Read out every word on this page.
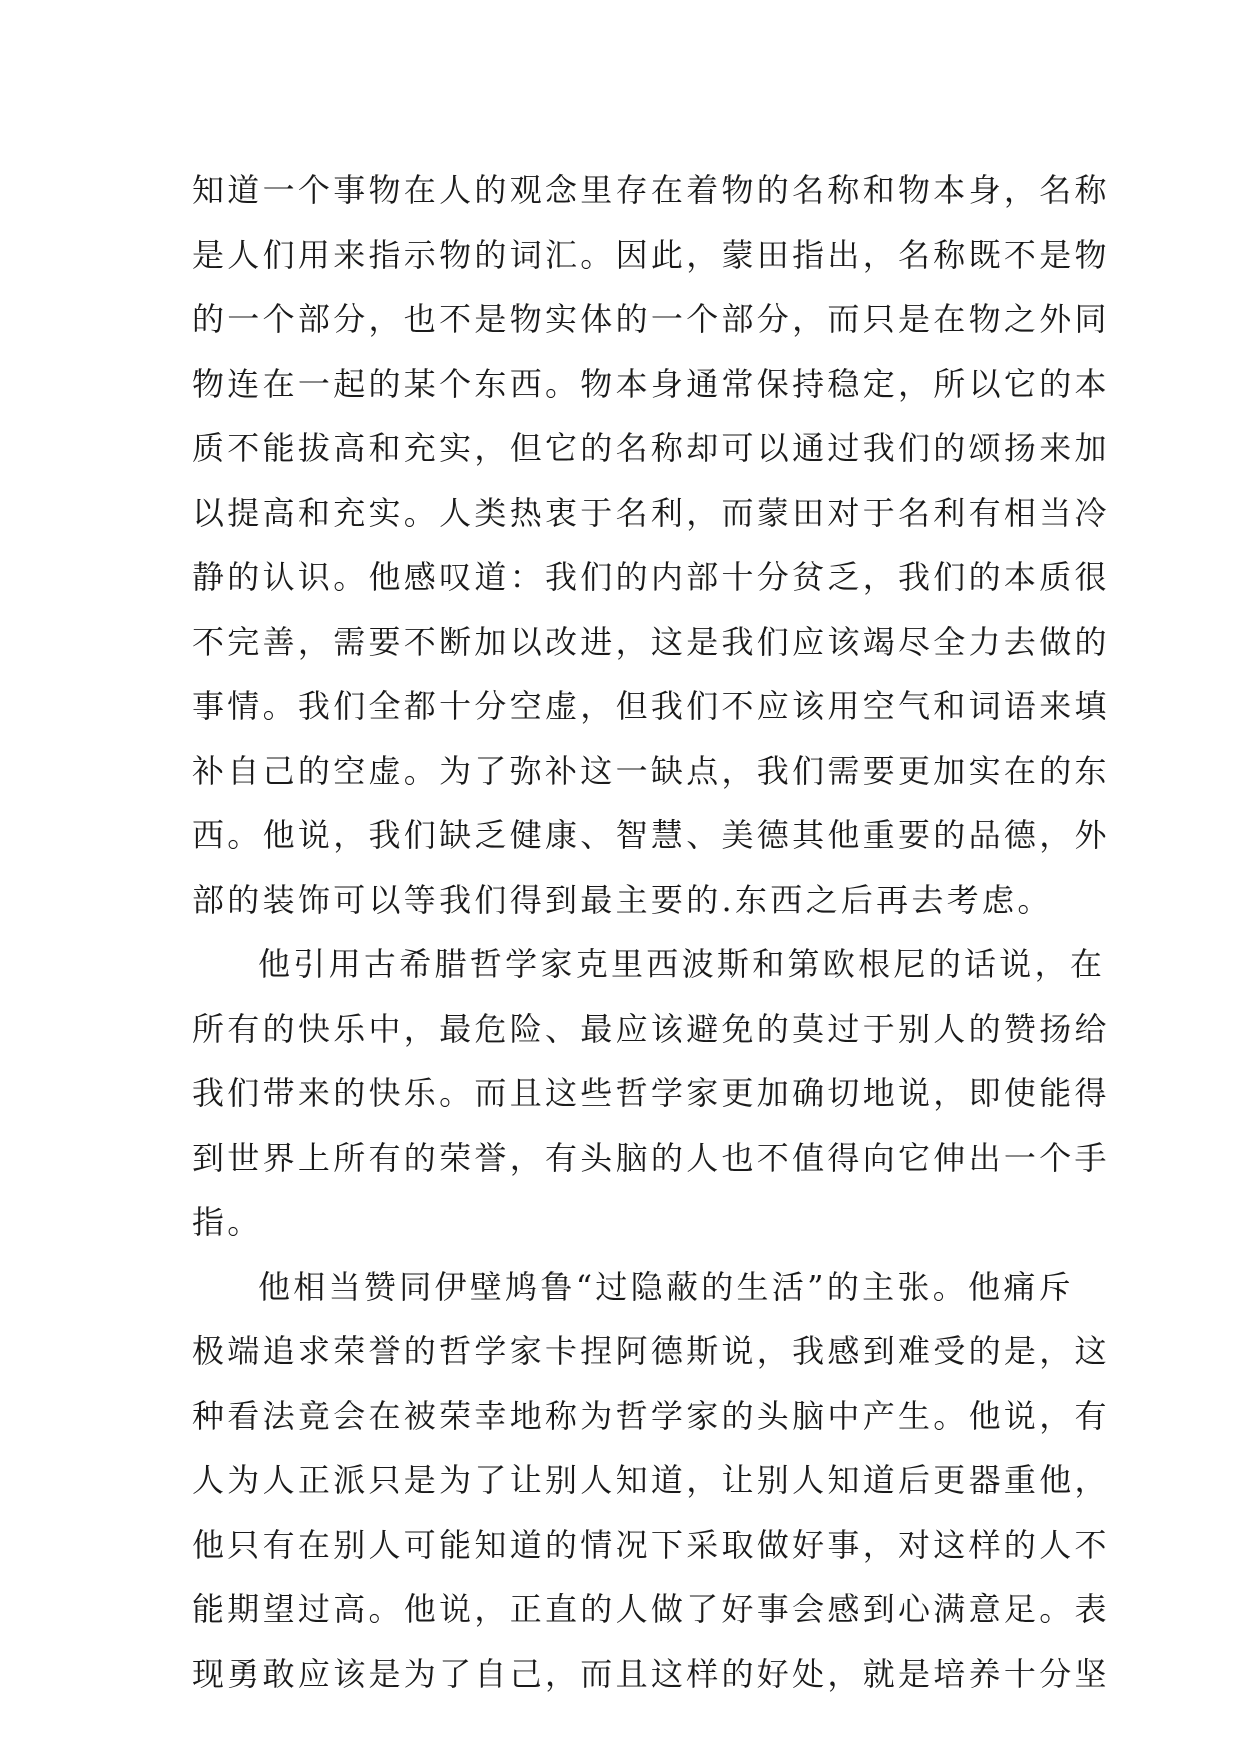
知道一个事物在人的观念里存在着物的名称和物本身，名称
是人们用来指示物的词汇。因此，蒙田指出，名称既不是物
的一个部分，也不是物实体的一个部分，而只是在物之外同
物连在一起的某个东西。物本身通常保持稳定，所以它的本
质不能拔高和充实，但它的名称却可以通过我们的颂扬来加
以提高和充实。人类热衷于名利，而蒙田对于名利有相当冷
静的认识。他感叹道：我们的内部十分贫乏，我们的本质很
不完善，需要不断加以改进，这是我们应该竭尽全力去做的
事情。我们全都十分空虚，但我们不应该用空气和词语来填
补自己的空虚。为了弥补这一缺点，我们需要更加实在的东
西。他说，我们缺乏健康、智慧、美德其他重要的品德，外
部的装饰可以等我们得到最主要的.东西之后再去考虑。
他引用古希腊哲学家克里西波斯和第欧根尼的话说，在
所有的快乐中，最危险、最应该避免的莫过于别人的赞扬给
我们带来的快乐。而且这些哲学家更加确切地说，即使能得
到世界上所有的荣誉，有头脑的人也不值得向它伸出一个手
指。
他相当赞同伊壁鸠鲁“过隐蔽的生活”的主张。他痛斥
极端追求荣誉的哲学家卡捏阿德斯说，我感到难受的是，这
种看法竟会在被荣幸地称为哲学家的头脑中产生。他说，有
人为人正派只是为了让别人知道，让别人知道后更器重他，
他只有在别人可能知道的情况下采取做好事，对这样的人不
能期望过高。他说，正直的人做了好事会感到心满意足。表
现勇敢应该是为了自己，而且这样的好处，就是培养十分坚
